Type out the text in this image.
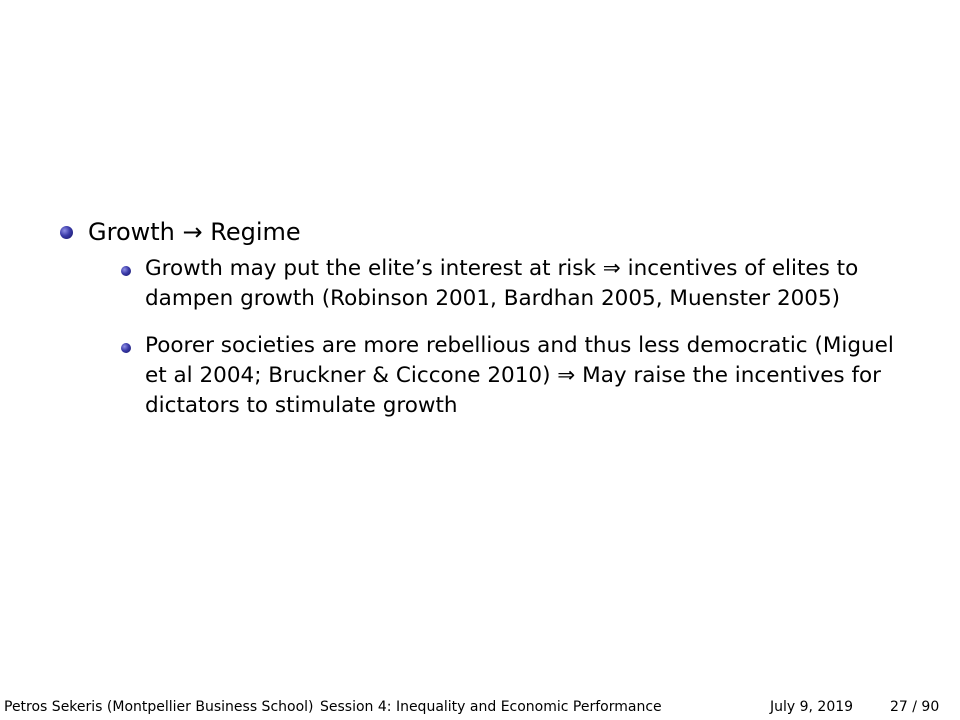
Growth → Regime
Growth may put the elite’s interest at risk ⇒ incentives of elites to
dampen growth (Robinson 2001, Bardhan 2005, Muenster 2005)
Poorer societies are more rebellious and thus less democratic (Miguel
et al 2004; Bruckner & Ciccone 2010) ⇒ May raise the incentives for
dictators to stimulate growth
Petros Sekeris (Montpellier Business School) Session 4: Inequality and Economic Performance	July 9, 2019	27 / 90
